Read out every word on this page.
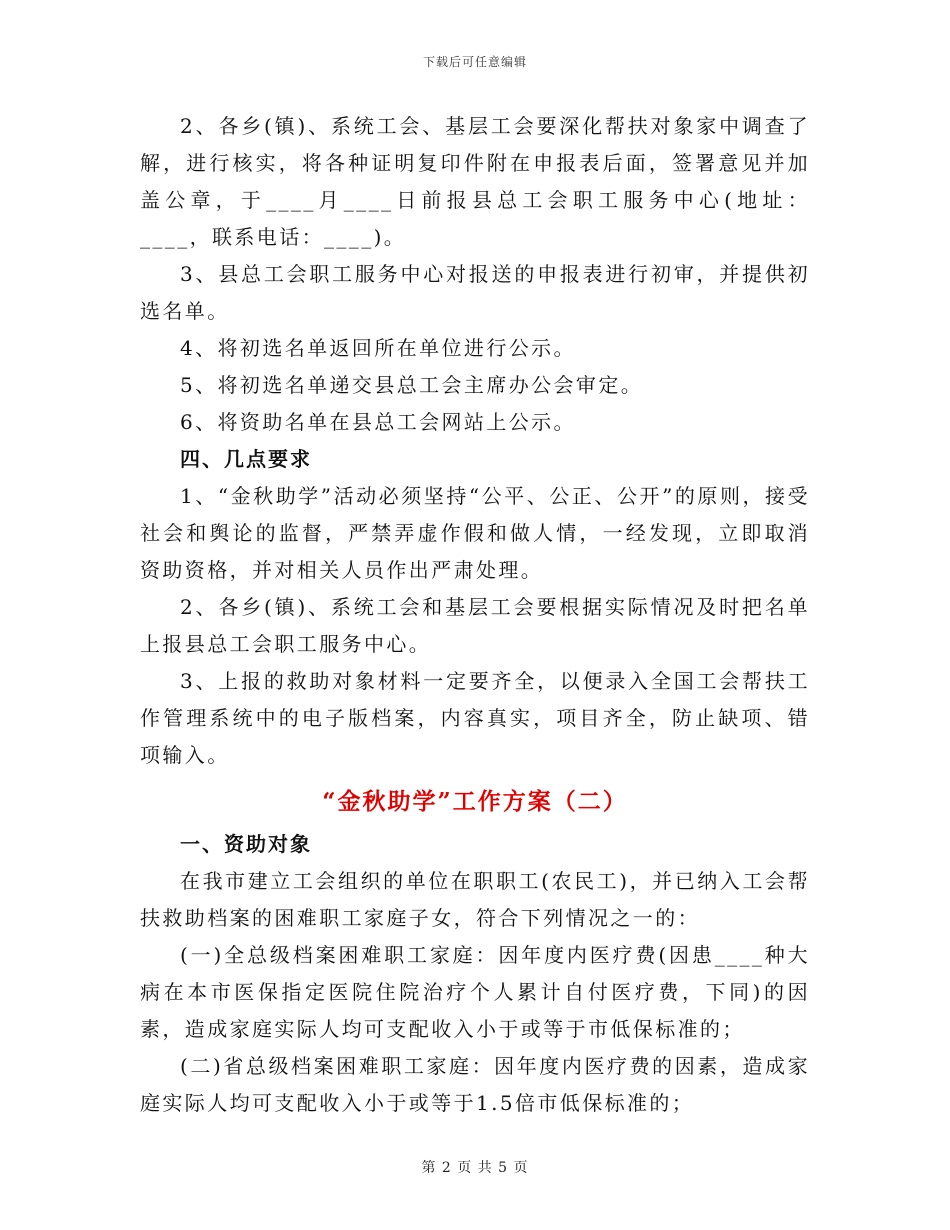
下载后可任意编辑

2、各乡(镇)、系统工会、基层工会要深化帮扶对象家中调查了解，进行核实，将各种证明复印件附在申报表后面，签署意见并加盖公章，于____月____日前报县总工会职工服务中心(地址：____，联系电话：____)。

3、县总工会职工服务中心对报送的申报表进行初审，并提供初选名单。

4、将初选名单返回所在单位进行公示。

5、将初选名单递交县总工会主席办公会审定。

6、将资助名单在县总工会网站上公示。

四、几点要求

1、“金秋助学”活动必须坚持“公平、公正、公开”的原则，接受社会和舆论的监督，严禁弄虚作假和做人情，一经发现，立即取消资助资格，并对相关人员作出严肃处理。

2、各乡(镇)、系统工会和基层工会要根据实际情况及时把名单上报县总工会职工服务中心。

3、上报的救助对象材料一定要齐全，以便录入全国工会帮扶工作管理系统中的电子版档案，内容真实，项目齐全，防止缺项、错项输入。

“金秋助学”工作方案（二）

一、资助对象

在我市建立工会组织的单位在职职工(农民工)，并已纳入工会帮扶救助档案的困难职工家庭子女，符合下列情况之一的：

(一)全总级档案困难职工家庭：因年度内医疗费(因患____种大病在本市医保指定医院住院治疗个人累计自付医疗费，下同)的因素，造成家庭实际人均可支配收入小于或等于市低保标准的；

(二)省总级档案困难职工家庭：因年度内医疗费的因素，造成家庭实际人均可支配收入小于或等于1.5倍市低保标准的；

第 2 页 共 5 页
